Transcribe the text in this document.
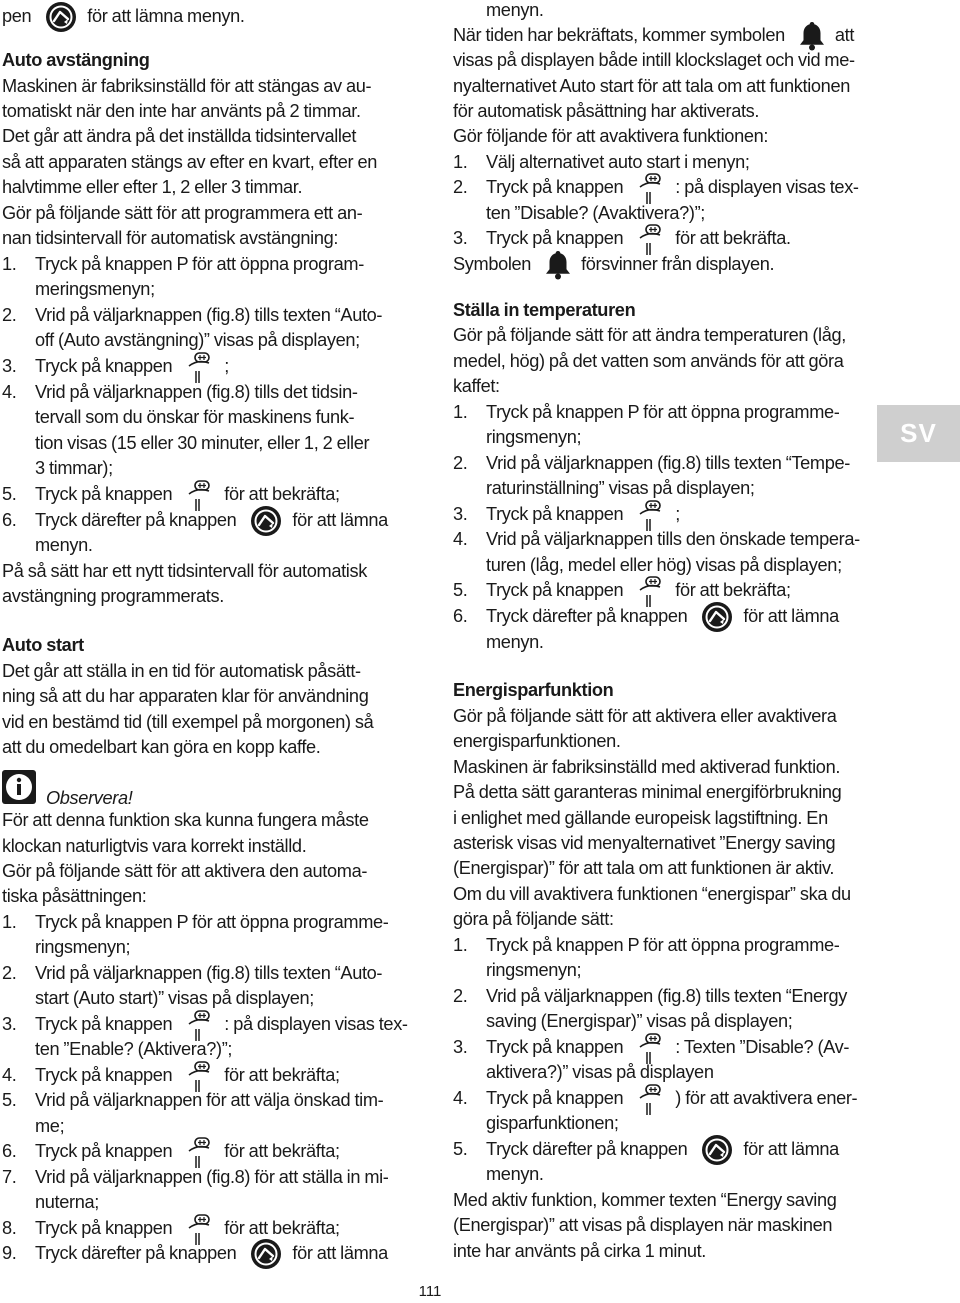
pen	för att lämna menyn.
Auto avstängning
Maskinen är fabriksinställd för att stängas av au-
tomatiskt när den inte har använts på 2 timmar.
Det går att ändra på det inställda tidsintervallet
så att apparaten stängs av efter en kvart, efter en
halvtimme eller efter 1, 2 eller 3 timmar.
Gör på följande sätt för att programmera ett an-
nan tidsintervall för automatisk avstängning:
1. Tryck på knappen P för att öppna program-
meringsmenyn;
2. Vrid på väljarknappen (fig.8) tills texten “Auto-
off (Auto avstängning)” visas på displayen;
3. Tryck på knappen	;
4. Vrid på väljarknappen (fig.8) tills det tidsin-
tervall som du önskar för maskinens funk-
tion visas (15 eller 30 minuter, eller 1, 2 eller
3 timmar);
5. Tryck på knappen	för att bekräfta;
6. Tryck därefter på knappen	för att lämna
menyn.
På så sätt har ett nytt tidsintervall för automatisk
avstängning programmerats.
Auto start
Det går att ställa in en tid för automatisk påsätt-
ning så att du har apparaten klar för användning
vid en bestämd tid (till exempel på morgonen) så
att du omedelbart kan göra en kopp kaffe.
Observera!
För att denna funktion ska kunna fungera måste
klockan naturligtvis vara korrekt inställd.
Gör på följande sätt för att aktivera den automa-
tiska påsättningen:
1. Tryck på knappen P för att öppna programme-
ringsmenyn;
2. Vrid på väljarknappen (fig.8) tills texten “Auto-
start (Auto start)” visas på displayen;
3. Tryck på knappen	: på displayen visas tex-
ten ”Enable? (Aktivera?)”;
4. Tryck på knappen	för att bekräfta;
5. Vrid på väljarknappen för att välja önskad tim-
me;
6. Tryck på knappen	för att bekräfta;
7. Vrid på väljarknappen (fig.8) för att ställa in mi-
nuterna;
8. Tryck på knappen	för att bekräfta;
9. Tryck därefter på knappen	för att lämna
menyn.
När tiden har bekräftats, kommer symbolen	att
visas på displayen både intill klockslaget och vid me-
nyalternativet Auto start för att tala om att funktionen
för automatisk påsättning har aktiverats.
Gör följande för att avaktivera funktionen:
1. Välj alternativet auto start i menyn;
2. Tryck på knappen	: på displayen visas tex-
ten ”Disable? (Avaktivera?)”;
3. Tryck på knappen	för att bekräfta.
Symbolen	försvinner från displayen.
Ställa in temperaturen
Gör på följande sätt för att ändra temperaturen (låg,
medel, hög) på det vatten som används för att göra
kaffet:
1. Tryck på knappen P för att öppna programme-
ringsmenyn;
2. Vrid på väljarknappen (fig.8) tills texten “Tempe-
raturinställning” visas på displayen;
3. Tryck på knappen	;
4. Vrid på väljarknappen tills den önskade tempera-
turen (låg, medel eller hög) visas på displayen;
5. Tryck på knappen	för att bekräfta;
6. Tryck därefter på knappen	för att lämna
menyn.
Energisparfunktion
Gör på följande sätt för att aktivera eller avaktivera
energisparfunktionen.
Maskinen är fabriksinställd med aktiverad funktion.
På detta sätt garanteras minimal energiförbrukning
i enlighet med gällande europeisk lagstiftning. En
asterisk visas vid menyalternativet ”Energy saving
(Energispar)” för att tala om att funktionen är aktiv.
Om du vill avaktivera funktionen “energispar” ska du
göra på följande sätt:
1. Tryck på knappen P för att öppna programme-
ringsmenyn;
2. Vrid på väljarknappen (fig.8) tills texten “Energy
saving (Energispar)” visas på displayen;
3. Tryck på knappen	: Texten ”Disable? (Av-
aktivera?)” visas på displayen
4. Tryck på knappen	) för att avaktivera ener-
gisparfunktionen;
5. Tryck därefter på knappen	för att lämna
menyn.
Med aktiv funktion, kommer texten “Energy saving
(Energispar)” att visas på displayen när maskinen
inte har använts på cirka 1 minut.
SV
111
